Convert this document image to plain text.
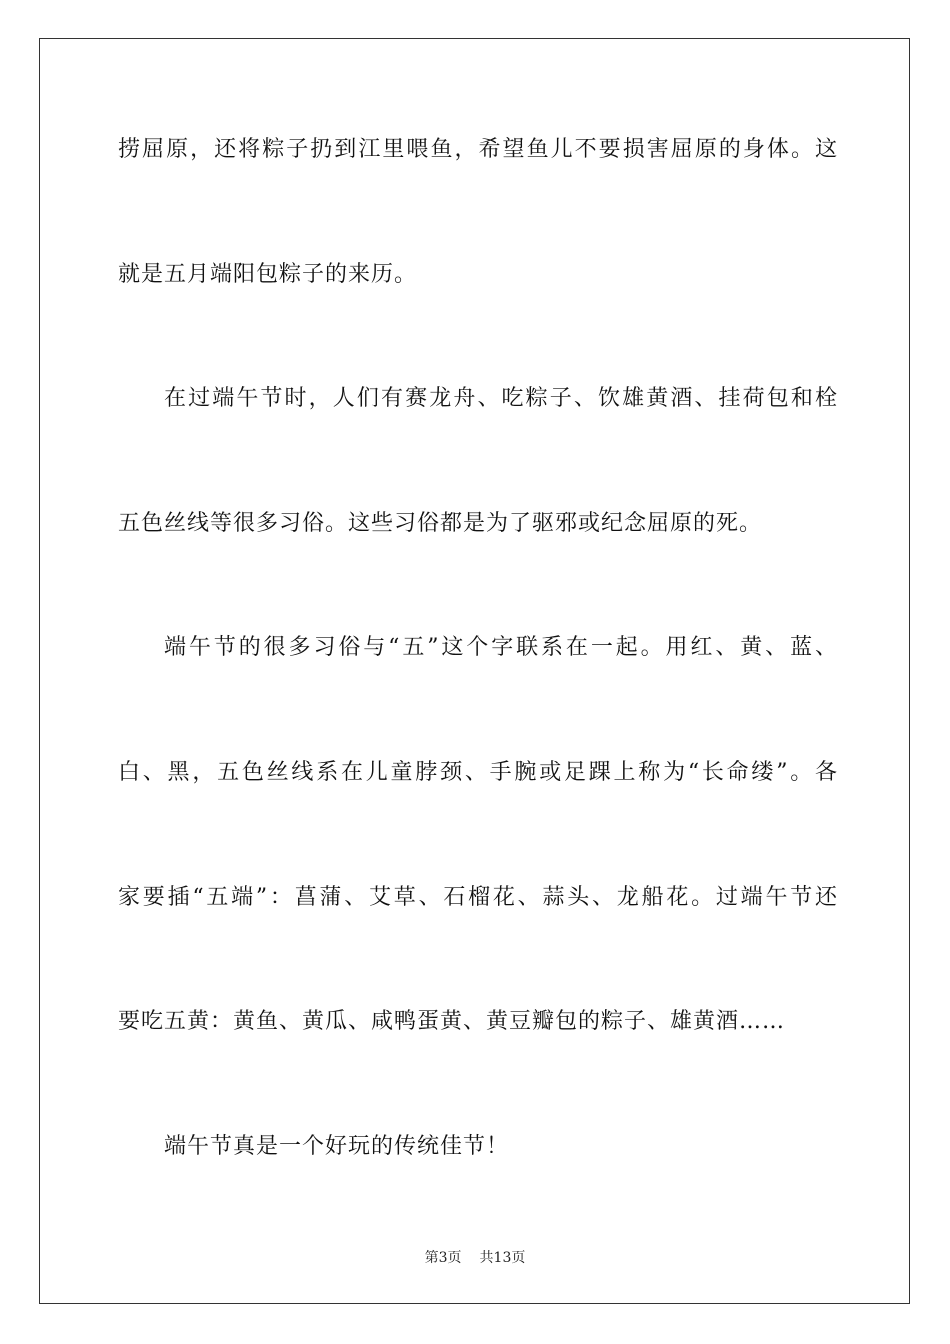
捞屈原，还将粽子扔到江里喂鱼，希望鱼儿不要损害屈原的身体。这
就是五月端阳包粽子的来历。
在过端午节时，人们有赛龙舟、吃粽子、饮雄黄酒、挂荷包和栓
五色丝线等很多习俗。这些习俗都是为了驱邪或纪念屈原的死。
端午节的很多习俗与“五”这个字联系在一起。用红、黄、蓝、
白、黑，五色丝线系在儿童脖颈、手腕或足踝上称为“长命缕”。各
家要插“五端”：菖蒲、艾草、石榴花、蒜头、龙船花。过端午节还
要吃五黄：黄鱼、黄瓜、咸鸭蛋黄、黄豆瓣包的粽子、雄黄酒……
端午节真是一个好玩的传统佳节！
第3页 共13页
